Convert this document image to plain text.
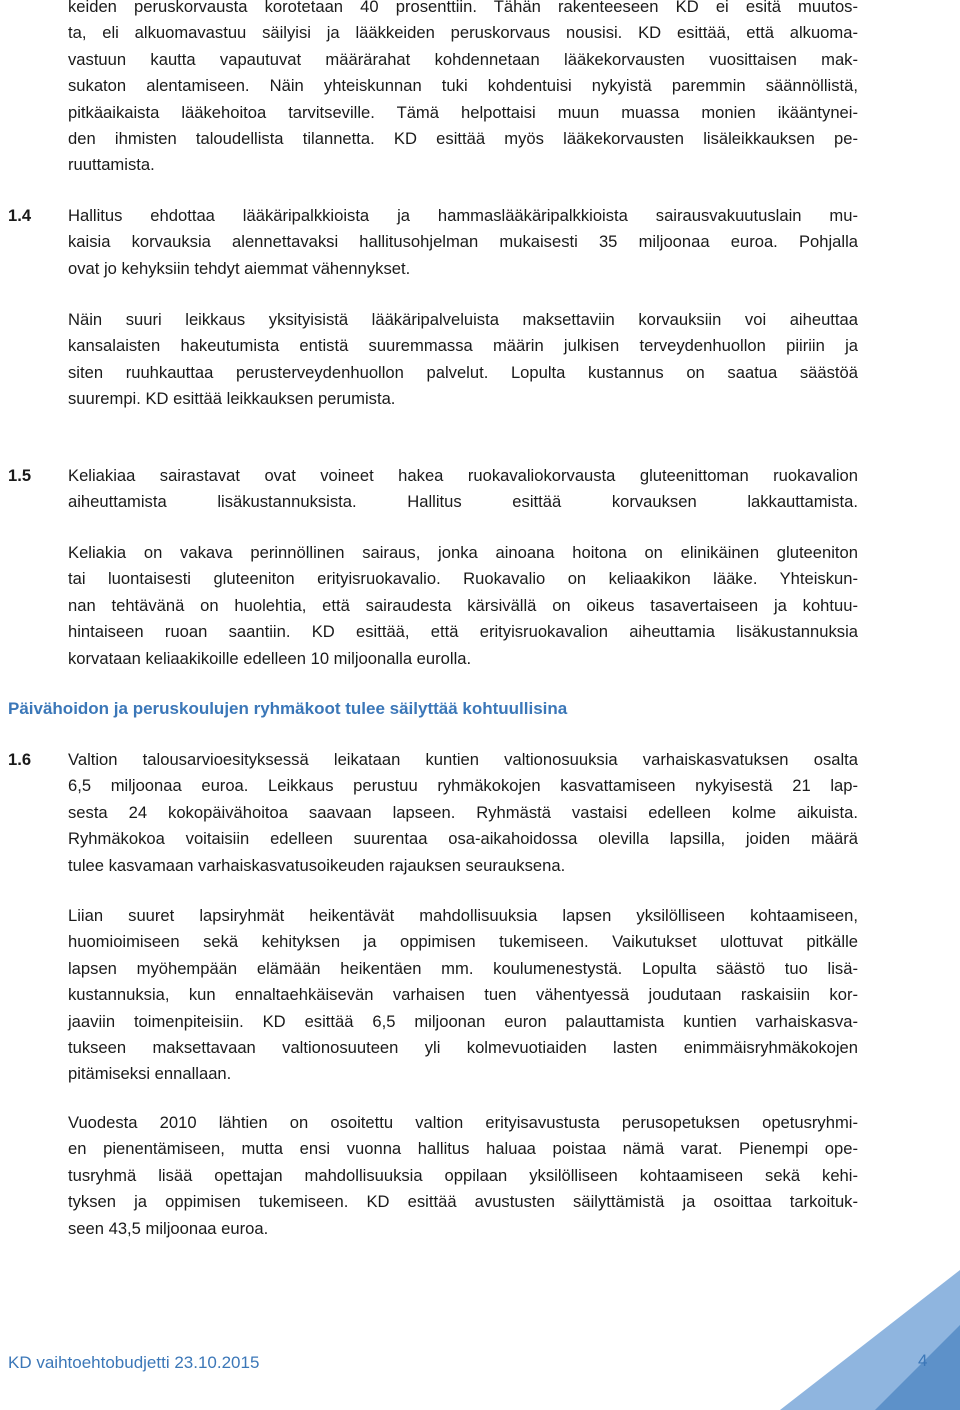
keiden peruskorvausta korotetaan 40 prosenttiin. Tähän rakenteeseen KD ei esitä muutos-
ta, eli alkuomavastuu säilyisi ja lääkkeiden peruskorvaus nousisi. KD esittää, että alkuoma-
vastuun kautta vapautuvat määrärahat kohdennetaan lääkekorvausten vuosittaisen mak-
sukaton alentamiseen. Näin yhteiskunnan tuki kohdentuisi nykyistä paremmin säännöllistä,
pitkäaikaista lääkehoitoa tarvitseville. Tämä helpottaisi muun muassa monien ikääntynei-
den ihmisten taloudellista tilannetta. KD esittää myös lääkekorvausten lisäleikkauksen pe-
ruuttamista.

1.4 Hallitus ehdottaa lääkäripalkkioista ja hammaslääkäripalkkioista sairausvakuutuslain mu-
kaisia korvauksia alennettavaksi hallitusohjelman mukaisesti 35 miljoonaa euroa. Pohjalla
ovat jo kehyksiin tehdyt aiemmat vähennykset.
Näin suuri leikkaus yksityisistä lääkäripalveluista maksettaviin korvauksiin voi aiheuttaa
kansalaisten hakeutumista entistä suuremmassa määrin julkisen terveydenhuollon piiriin ja
siten ruuhkauttaa perusterveydenhuollon palvelut. Lopulta kustannus on saatua säästöä
suurempi. KD esittää leikkauksen perumista.

1.5 Keliakiaa sairastavat ovat voineet hakea ruokavaliokorvausta gluteenittoman ruokavalion
aiheuttamista lisäkustannuksista. Hallitus esittää korvauksen lakkauttamista.
Keliakia on vakava perinnöllinen sairaus, jonka ainoana hoitona on elinikäinen gluteeniton
tai luontaisesti gluteeniton erityisruokavalio. Ruokavalio on keliaakikon lääke. Yhteiskun-
nan tehtävänä on huolehtia, että sairaudesta kärsivällä on oikeus tasavertaiseen ja kohtuu-
hintaiseen ruoan saantiin. KD esittää, että erityisruokavalion aiheuttamia lisäkustannuksia
korvataan keliaakikoille edelleen 10 miljoonalla eurolla.

Päivähoidon ja peruskoulujen ryhmäkoot tulee säilyttää kohtuullisina

1.6 Valtion talousarvioesityksessä leikataan kuntien valtionosuuksia varhaiskasvatuksen osalta
6,5 miljoonaa euroa. Leikkaus perustuu ryhmäkokojen kasvattamiseen nykyisestä 21 lap-
sesta 24 kokopäivähoitoa saavaan lapseen. Ryhmästä vastaisi edelleen kolme aikuista.
Ryhmäkokoa voitaisiin edelleen suurentaa osa-aikahoidossa olevilla lapsilla, joiden määrä
tulee kasvamaan varhaiskasvatusoikeuden rajauksen seurauksena.
Liian suuret lapsiryhmät heikentävät mahdollisuuksia lapsen yksilölliseen kohtaamiseen,
huomioimiseen sekä kehityksen ja oppimisen tukemiseen. Vaikutukset ulottuvat pitkälle
lapsen myöhempään elämään heikentäen mm. koulumenestystä. Lopulta säästö tuo lisä-
kustannuksia, kun ennaltaehkäisevän varhaisen tuen vähentyessä joudutaan raskaisiin kor-
jaaviin toimenpiteisiin. KD esittää 6,5 miljoonan euron palauttamista kuntien varhaiskasva-
tukseen maksettavaan valtionosuuteen yli kolmevuotiaiden lasten enimmäisryhmäkokojen
pitämiseksi ennallaan.
Vuodesta 2010 lähtien on osoitettu valtion erityisavustusta perusopetuksen opetusryhmi-
en pienentämiseen, mutta ensi vuonna hallitus haluaa poistaa nämä varat. Pienempi ope-
tusryhmä lisää opettajan mahdollisuuksia oppilaan yksilölliseen kohtaamiseen sekä kehi-
tyksen ja oppimisen tukemiseen. KD esittää avustusten säilyttämistä ja osoittaa tarkoituk-
seen 43,5 miljoonaa euroa.

KD vaihtoehtobudjetti 23.10.2015	4
